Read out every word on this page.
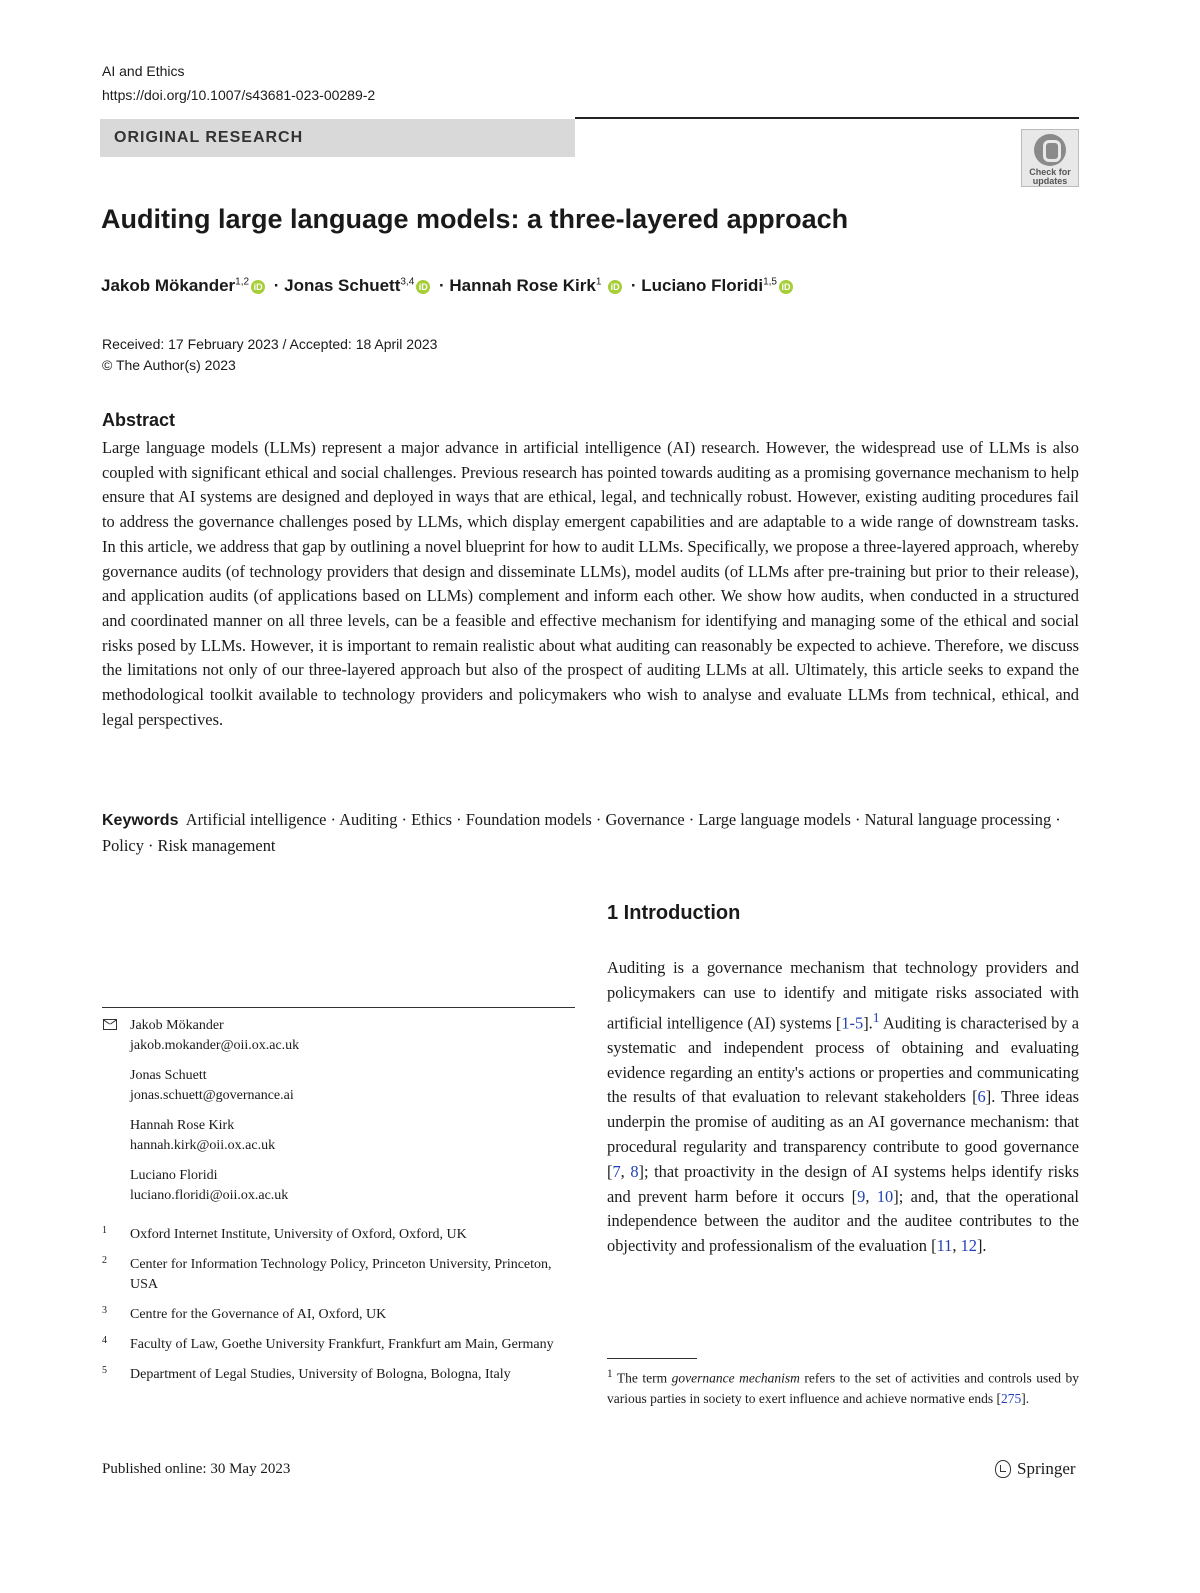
AI and Ethics
https://doi.org/10.1007/s43681-023-00289-2
ORIGINAL RESEARCH
Check for updates
Auditing large language models: a three-layered approach
Jakob Mökander$^{1,2}$ iD · Jonas Schuett$^{3,4}$ iD · Hannah Rose Kirk$^1$ iD · Luciano Floridi$^{1,5}$ iD
Received: 17 February 2023 / Accepted: 18 April 2023
© The Author(s) 2023
Abstract
Large language models (LLMs) represent a major advance in artificial intelligence (AI) research. However, the widespread use of LLMs is also coupled with significant ethical and social challenges. Previous research has pointed towards auditing as a promising governance mechanism to help ensure that AI systems are designed and deployed in ways that are ethical, legal, and technically robust. However, existing auditing procedures fail to address the governance challenges posed by LLMs, which display emergent capabilities and are adaptable to a wide range of downstream tasks. In this article, we address that gap by outlining a novel blueprint for how to audit LLMs. Specifically, we propose a three-layered approach, whereby governance audits (of technology providers that design and disseminate LLMs), model audits (of LLMs after pre-training but prior to their release), and application audits (of applications based on LLMs) complement and inform each other. We show how audits, when conducted in a structured and coordinated manner on all three levels, can be a feasible and effective mechanism for identifying and managing some of the ethical and social risks posed by LLMs. However, it is important to remain realistic about what auditing can reasonably be expected to achieve. Therefore, we discuss the limitations not only of our three-layered approach but also of the prospect of auditing LLMs at all. Ultimately, this article seeks to expand the methodological toolkit available to technology providers and policymakers who wish to analyse and evaluate LLMs from technical, ethical, and legal perspectives.
Keywords Artificial intelligence · Auditing · Ethics · Foundation models · Governance · Large language models · Natural language processing · Policy · Risk management
1 Introduction
Auditing is a governance mechanism that technology providers and policymakers can use to identify and mitigate risks associated with artificial intelligence (AI) systems [1-5].$^1$ Auditing is characterised by a systematic and independent process of obtaining and evaluating evidence regarding an entity's actions or properties and communicating the results of that evaluation to relevant stakeholders [6]. Three ideas underpin the promise of auditing as an AI governance mechanism: that procedural regularity and transparency contribute to good governance [7, 8]; that proactivity in the design of AI systems helps identify risks and prevent harm before it occurs [9, 10]; and, that the operational independence between the auditor and the auditee contributes to the objectivity and professionalism of the evaluation [11, 12].
$^1$ The term governance mechanism refers to the set of activities and controls used by various parties in society to exert influence and achieve normative ends [275].
Jakob Mökander
jakob.mokander@oii.ox.ac.uk
Jonas Schuett
jonas.schuett@governance.ai
Hannah Rose Kirk
hannah.kirk@oii.ox.ac.uk
Luciano Floridi
luciano.floridi@oii.ox.ac.uk
1 Oxford Internet Institute, University of Oxford, Oxford, UK
2 Center for Information Technology Policy, Princeton University, Princeton, USA
3 Centre for the Governance of AI, Oxford, UK
4 Faculty of Law, Goethe University Frankfurt, Frankfurt am Main, Germany
5 Department of Legal Studies, University of Bologna, Bologna, Italy
Published online: 30 May 2023	Springer
